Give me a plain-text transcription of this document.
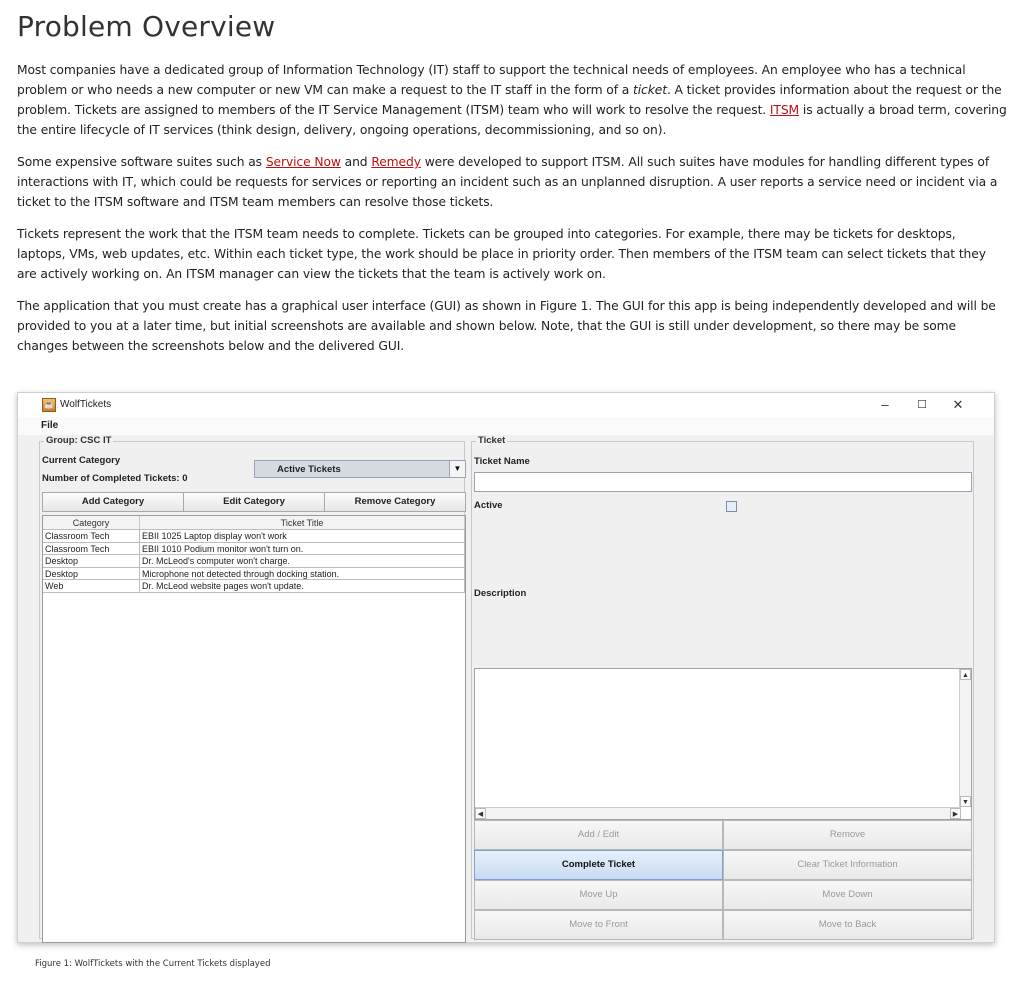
Problem Overview

Most companies have a dedicated group of Information Technology (IT) staff to support the technical needs of employees. An employee who has a technical problem or who needs a new computer or new VM can make a request to the IT staff in the form of a ticket. A ticket provides information about the request or the problem. Tickets are assigned to members of the IT Service Management (ITSM) team who will work to resolve the request. ITSM is actually a broad term, covering the entire lifecycle of IT services (think design, delivery, ongoing operations, decommissioning, and so on).

Some expensive software suites such as Service Now and Remedy were developed to support ITSM. All such suites have modules for handling different types of interactions with IT, which could be requests for services or reporting an incident such as an unplanned disruption. A user reports a service need or incident via a ticket to the ITSM software and ITSM team members can resolve those tickets.

Tickets represent the work that the ITSM team needs to complete. Tickets can be grouped into categories. For example, there may be tickets for desktops, laptops, VMs, web updates, etc. Within each ticket type, the work should be place in priority order. Then members of the ITSM team can select tickets that they are actively working on. An ITSM manager can view the tickets that the team is actively work on.

The application that you must create has a graphical user interface (GUI) as shown in Figure 1. The GUI for this app is being independently developed and will be provided to you at a later time, but initial screenshots are available and shown below. Note, that the GUI is still under development, so there may be some changes between the screenshots below and the delivered GUI.

☕ WolfTickets	–	☐	✕
File
Group: CSC IT
Current Category
Active Tickets	▼
Number of Completed Tickets: 0
Add Category	Edit Category	Remove Category
Category	Ticket Title
Classroom Tech	EBII 1025 Laptop display won't work
Classroom Tech	EBII 1010 Podium monitor won't turn on.
Desktop	Dr. McLeod's computer won't charge.
Desktop	Microphone not detected through docking station.
Web	Dr. McLeod website pages won't update.
Ticket
Ticket Name
Active
Description
▲
▼
◀	▶
Add / Edit	Remove
Complete Ticket	Clear Ticket Information
Move Up	Move Down
Move to Front	Move to Back
Figure 1: WolfTickets with the Current Tickets displayed
